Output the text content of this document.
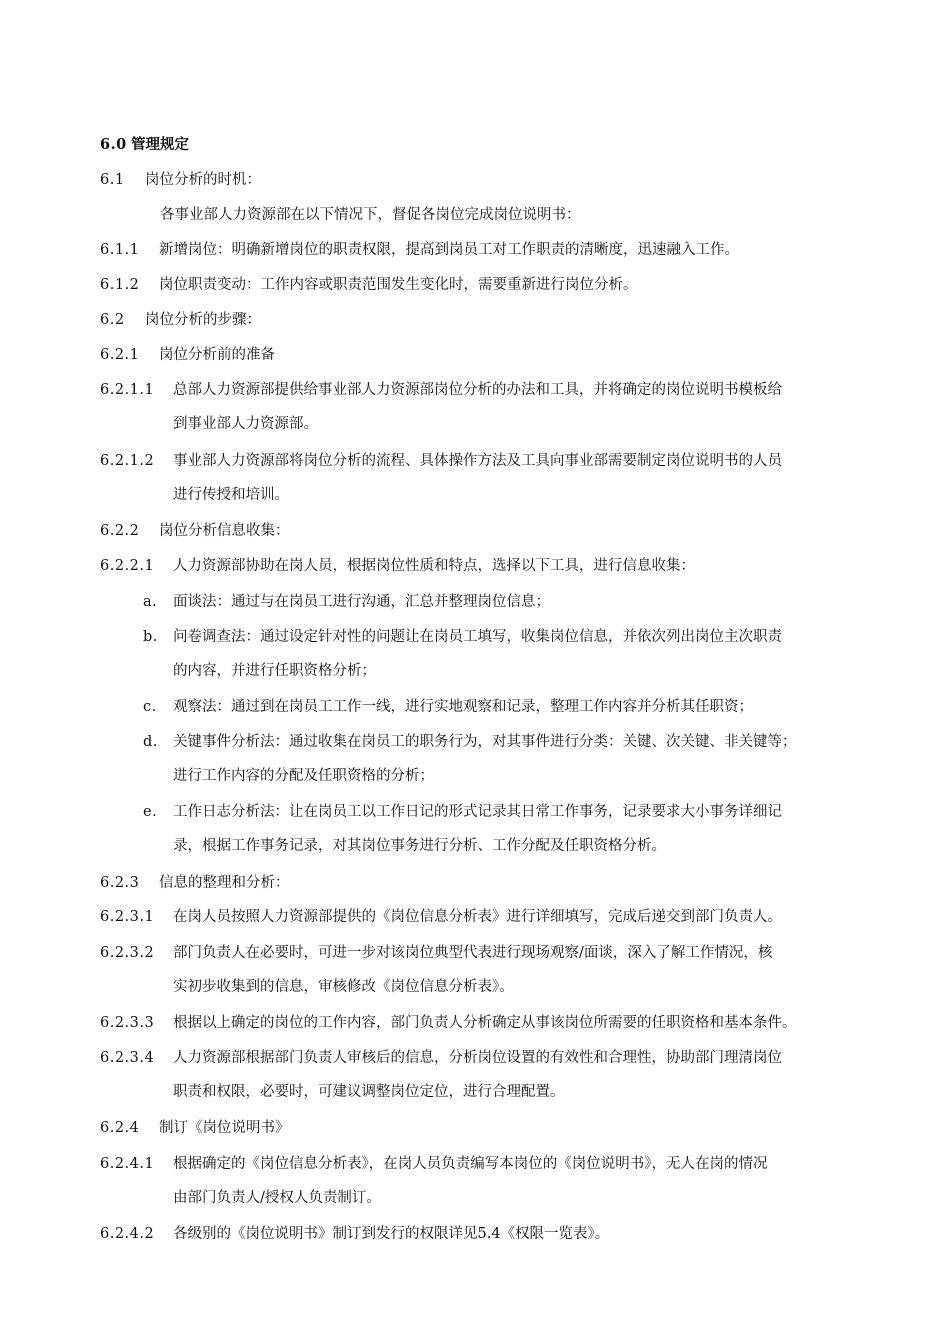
6.0 管理规定
6.1 岗位分析的时机：
各事业部人力资源部在以下情况下，督促各岗位完成岗位说明书：
6.1.1 新增岗位：明确新增岗位的职责权限，提高到岗员工对工作职责的清晰度，迅速融入工作。
6.1.2 岗位职责变动：工作内容或职责范围发生变化时，需要重新进行岗位分析。
6.2 岗位分析的步骤：
6.2.1 岗位分析前的准备
6.2.1.1 总部人力资源部提供给事业部人力资源部岗位分析的办法和工具，并将确定的岗位说明书模板给
到事业部人力资源部。
6.2.1.2 事业部人力资源部将岗位分析的流程、具体操作方法及工具向事业部需要制定岗位说明书的人员
进行传授和培训。
6.2.2 岗位分析信息收集：
6.2.2.1 人力资源部协助在岗人员，根据岗位性质和特点，选择以下工具，进行信息收集：
a. 面谈法：通过与在岗员工进行沟通，汇总并整理岗位信息；
b. 问卷调查法：通过设定针对性的问题让在岗员工填写，收集岗位信息，并依次列出岗位主次职责
的内容，并进行任职资格分析；
c. 观察法：通过到在岗员工工作一线，进行实地观察和记录，整理工作内容并分析其任职资；
d. 关键事件分析法：通过收集在岗员工的职务行为，对其事件进行分类：关键、次关键、非关键等；
进行工作内容的分配及任职资格的分析；
e. 工作日志分析法：让在岗员工以工作日记的形式记录其日常工作事务，记录要求大小事务详细记
录，根据工作事务记录，对其岗位事务进行分析、工作分配及任职资格分析。
6.2.3 信息的整理和分析：
6.2.3.1 在岗人员按照人力资源部提供的《岗位信息分析表》进行详细填写，完成后递交到部门负责人。
6.2.3.2 部门负责人在必要时，可进一步对该岗位典型代表进行现场观察/面谈，深入了解工作情况，核
实初步收集到的信息，审核修改《岗位信息分析表》。
6.2.3.3 根据以上确定的岗位的工作内容，部门负责人分析确定从事该岗位所需要的任职资格和基本条件。
6.2.3.4 人力资源部根据部门负责人审核后的信息，分析岗位设置的有效性和合理性，协助部门理清岗位
职责和权限，必要时，可建议调整岗位定位，进行合理配置。
6.2.4 制订《岗位说明书》
6.2.4.1 根据确定的《岗位信息分析表》，在岗人员负责编写本岗位的《岗位说明书》，无人在岗的情况
由部门负责人/授权人负责制订。
6.2.4.2 各级别的《岗位说明书》制订到发行的权限详见5.4《权限一览表》。
